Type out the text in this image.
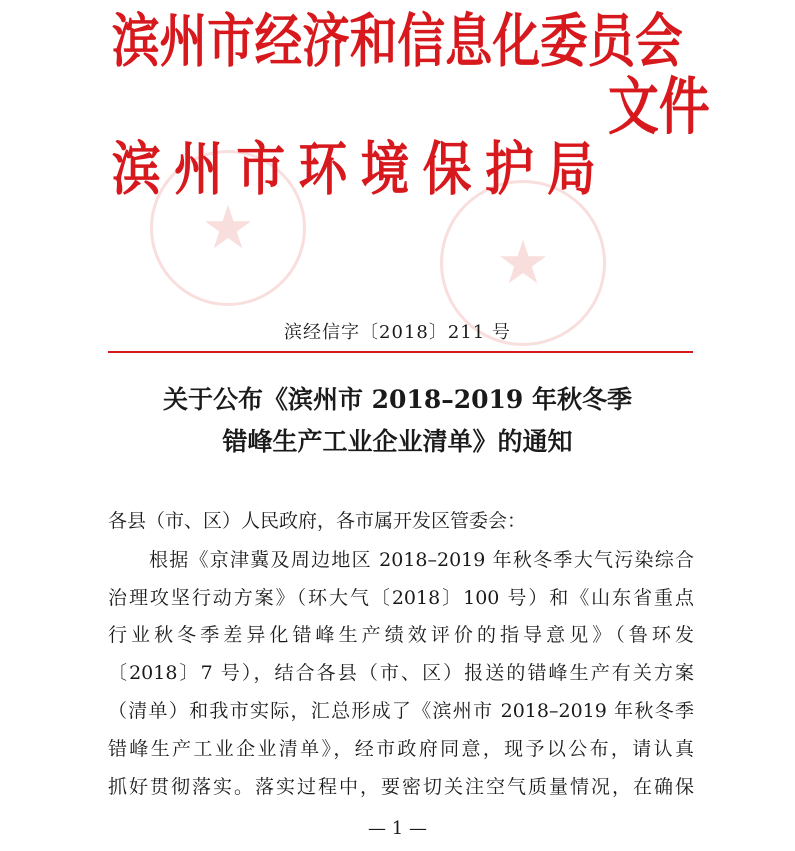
★	★
滨州市经济和信息化委员会
滨州市环境保护局
文件
滨经信字〔2018〕211 号
关于公布《滨州市 2018–2019 年秋冬季
错峰生产工业企业清单》的通知
各县（市、区）人民政府，各市属开发区管委会：
根据《京津冀及周边地区 2018–2019 年秋冬季大气污染综合
治理攻坚行动方案》（环大气〔2018〕100 号）和《山东省重点
行业秋冬季差异化错峰生产绩效评价的指导意见》（鲁环发
〔2018〕7 号），结合各县（市、区）报送的错峰生产有关方案
（清单）和我市实际，汇总形成了《滨州市 2018–2019 年秋冬季
错峰生产工业企业清单》，经市政府同意，现予以公布，请认真
抓好贯彻落实。落实过程中，要密切关注空气质量情况，在确保
— 1 —
